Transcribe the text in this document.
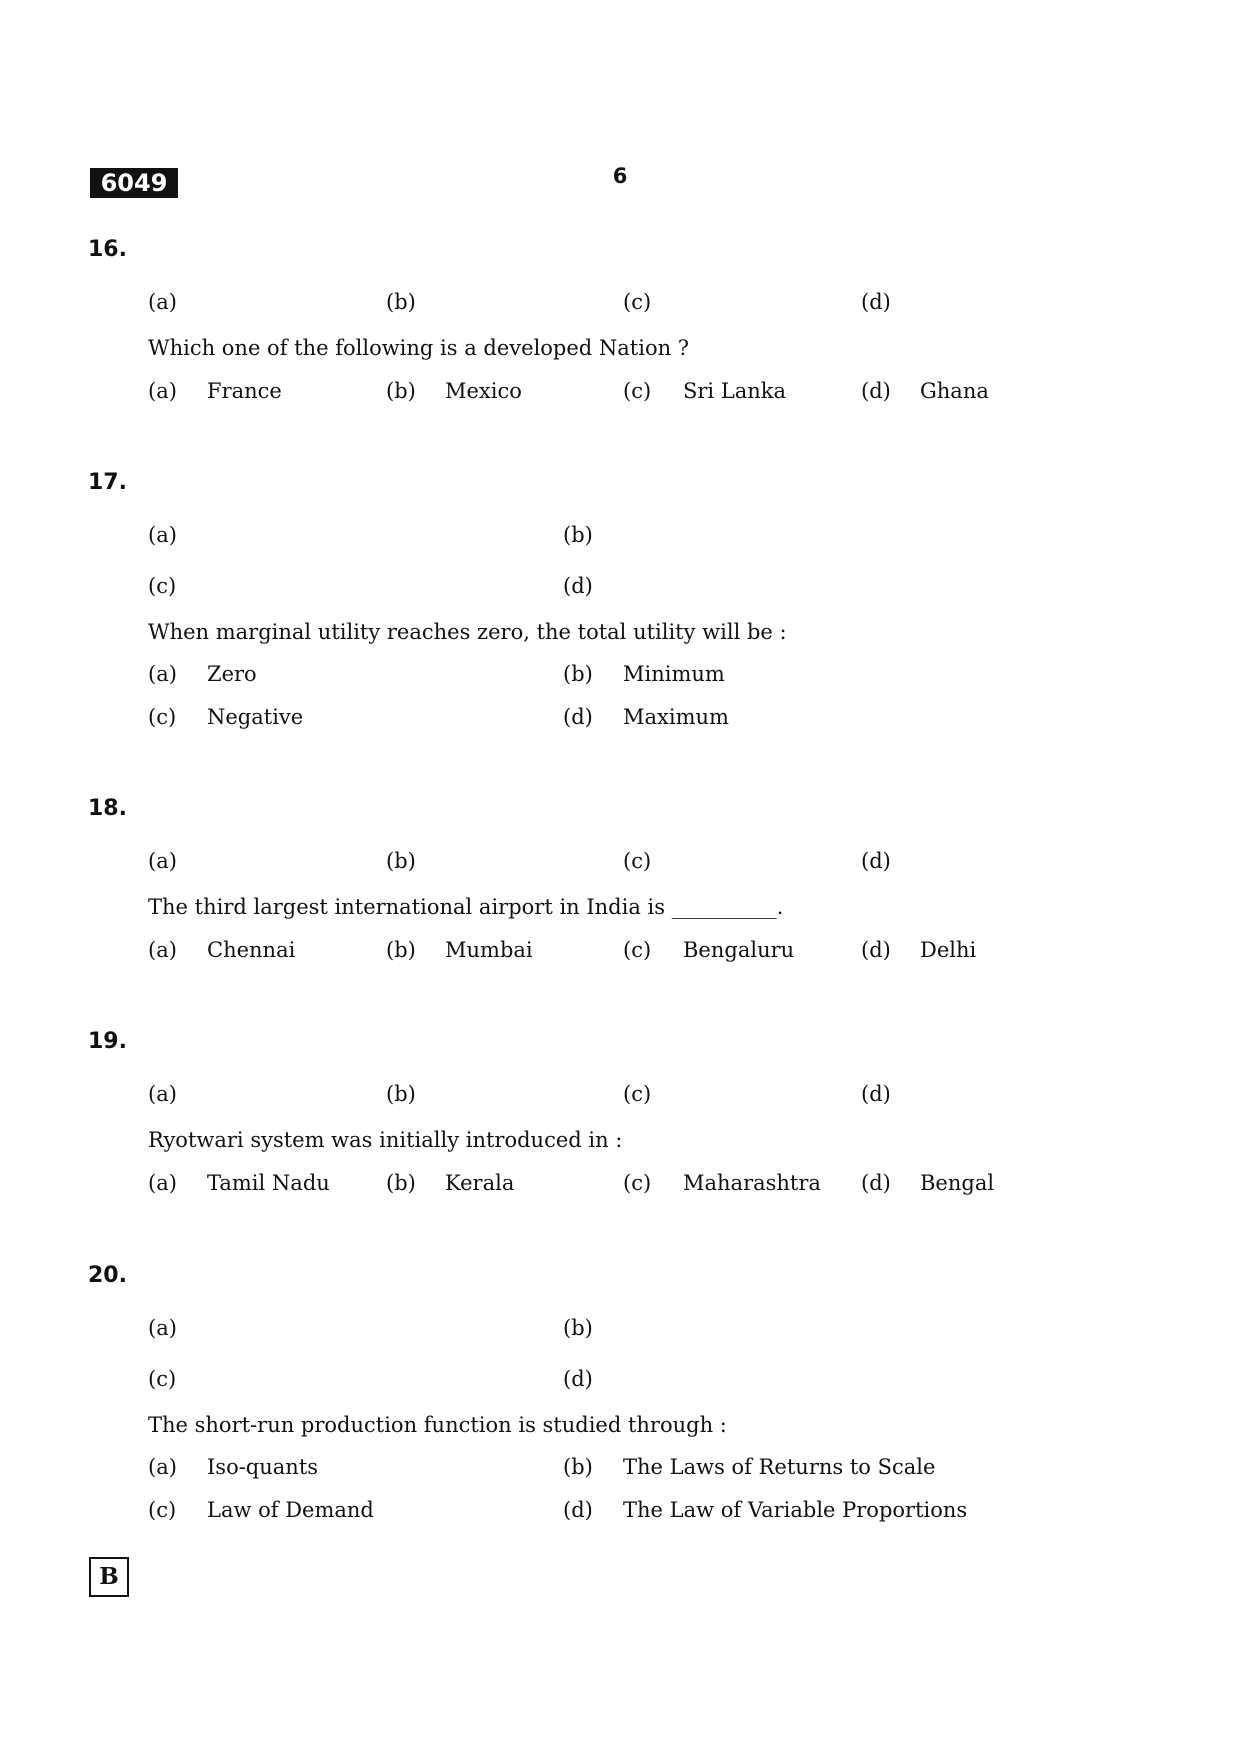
6049	6
16.
(a)	(b)	(c)	(d)
Which one of the following is a developed Nation ?
(a) France	(b) Mexico	(c) Sri Lanka	(d) Ghana
17.
(a)	(b)
(c)	(d)
When marginal utility reaches zero, the total utility will be :
(a) Zero	(b) Minimum
(c) Negative	(d) Maximum
18.
(a)	(b)	(c)	(d)
The third largest international airport in India is __________.
(a) Chennai	(b) Mumbai	(c) Bengaluru	(d) Delhi
19.
(a)	(b)	(c)	(d)
Ryotwari system was initially introduced in :
(a) Tamil Nadu	(b) Kerala	(c) Maharashtra (d) Bengal
20.
(a)	(b)
(c)	(d)
The short-run production function is studied through :
(a) Iso-quants	(b) The Laws of Returns to Scale
(c) Law of Demand	(d) The Law of Variable Proportions
B
